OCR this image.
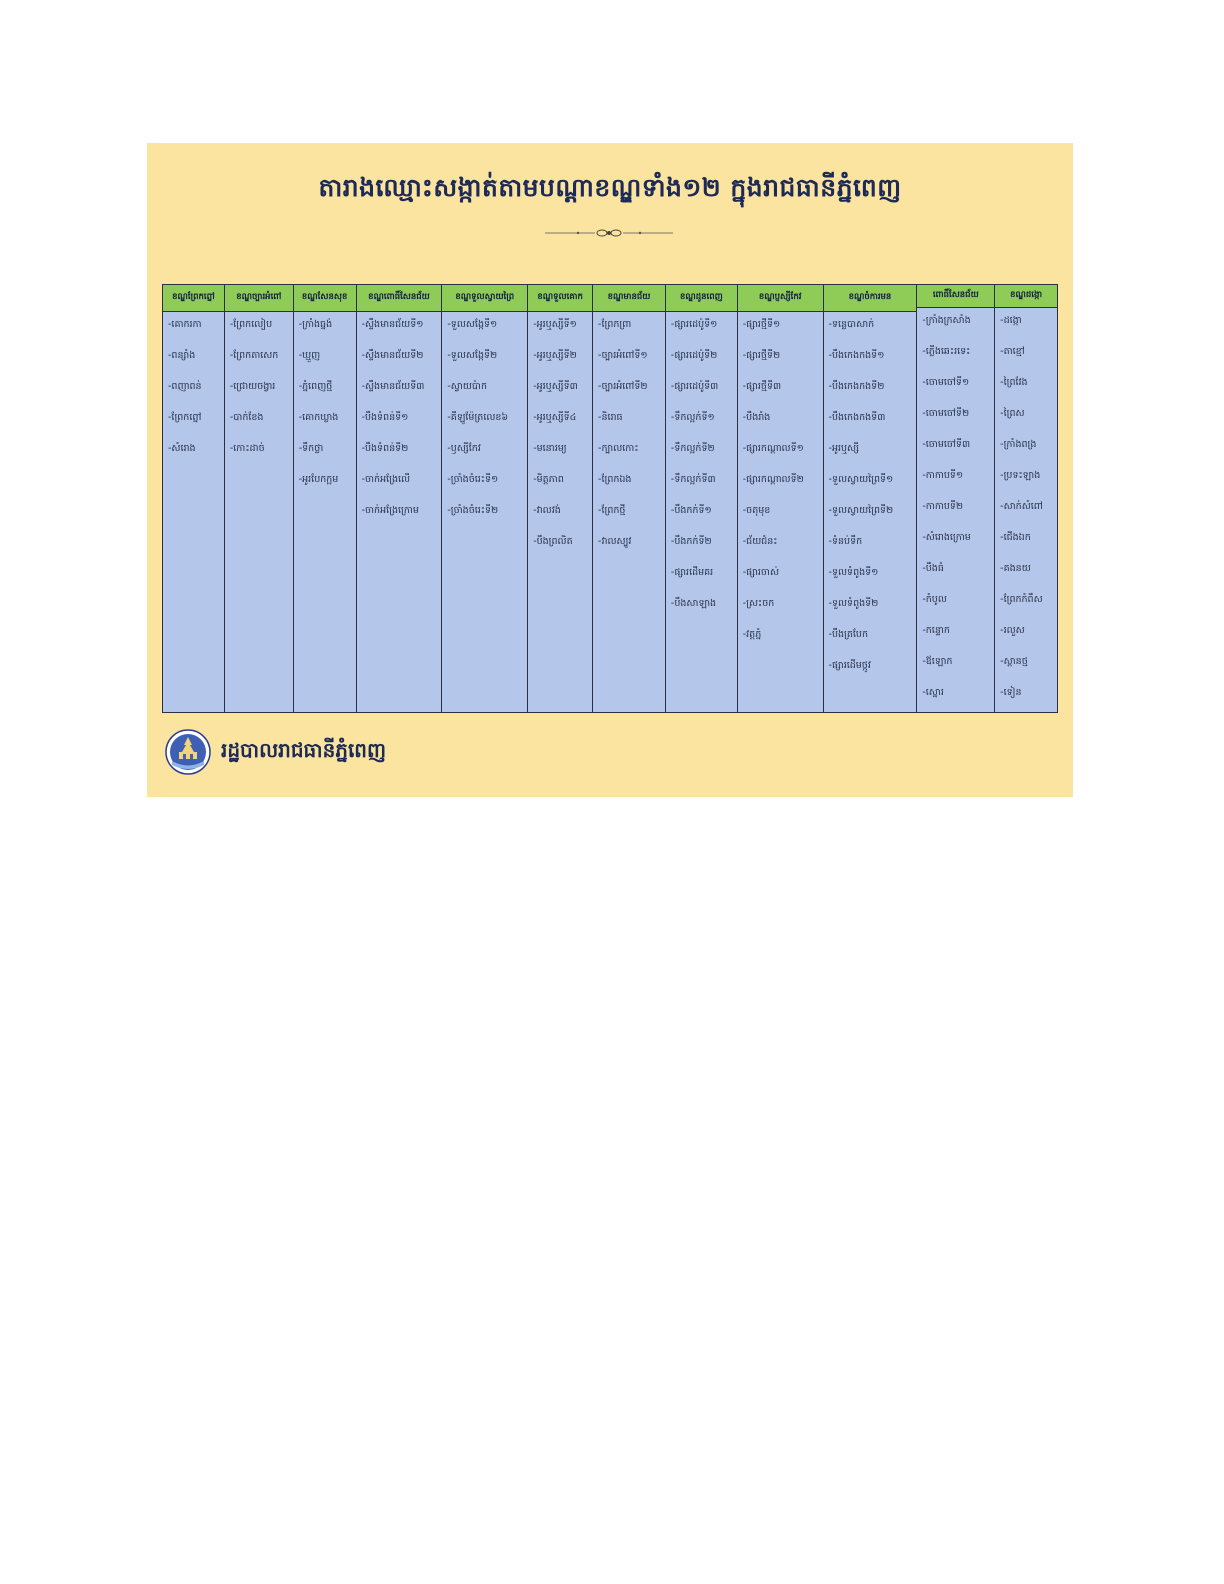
តារាងឈ្មោះសង្កាត់តាមបណ្តាខណ្ឌទាំង១២ ក្នុងរាជធានីភ្នំពេញ
ខណ្ឌព្រែកព្នៅ
-គោករកា
-ពន្សាំង
-ពញាពន់
-ព្រែកព្នៅ
-សំរោង
ខណ្ឌច្បារអំពៅ
-ព្រែកលៀប
-ព្រែកតាសេក
-ជ្រោយចង្វារ
-បាក់ខែង
-កោះដាច់
ខណ្ឌសែនសុខ
-ក្រាំងធ្នង់
-ឃ្មួញ
-ភ្នំពេញថ្មី
-គោកឃ្លាង
-ទឹកថ្លា
-អូរបែកក្អម
ខណ្ឌពោធិ៍សែនជ័យ
-ស្ទឹងមានជ័យទី១
-ស្ទឹងមានជ័យទី២
-ស្ទឹងមានជ័យទី៣
-បឹងទំពន់ទី១
-បឹងទំពន់ទី២
-ចាក់អង្រែលើ
-ចាក់អង្រែក្រោម
ខណ្ឌទួលស្វាយព្រៃ
-ទួលសង្កែទី១
-ទួលសង្កែទី២
-ស្វាយប៉ាក
-គីឡូម៉ែត្រលេខ៦
-ឫស្សីកែវ
-ច្រាំងចំរេះទី១
-ច្រាំងចំរេះទី២
ខណ្ឌទួលគោក
-អូរឬស្សីទី១
-អូរឬស្សីទី២
-អូរឬស្សីទី៣
-អូរឬស្សីទី៤
-មនោរម្យ
-មិត្តភាព
-វាលវង់
-បឹងព្រលិត
ខណ្ឌមានជ័យ
-ព្រែកព្រា
-ច្បារអំពៅទី១
-ច្បារអំពៅទី២
-និរោធ
-ក្បាលកោះ
-ព្រែកឯង
-ព្រែកថ្មី
-វាលស្បូវ
ខណ្ឌដូនពេញ
-ផ្សារដេប៉ូទី១
-ផ្សារដេប៉ូទី២
-ផ្សារដេប៉ូទី៣
-ទឹកល្អក់ទី១
-ទឹកល្អក់ទី២
-ទឹកល្អក់ទី៣
-បឹងកក់ទី១
-បឹងកក់ទី២
-ផ្សារដើមគរ
-បឹងសាឡាង
ខណ្ឌប្ញស្សីកែវ
-ផ្សារថ្មីទី១
-ផ្សារថ្មីទី២
-ផ្សារថ្មីទី៣
-បឹងរាំង
-ផ្សារកណ្តាលទី១
-ផ្សារកណ្តាលទី២
-ចតុមុខ
-ជ័យជំនះ
-ផ្សារចាស់
-ស្រះចក
-វត្តភ្នំ
ខណ្ឌចំការមន
-ទន្លេបាសាក់
-បឹងកេងកងទី១
-បឹងកេងកងទី២
-បឹងកេងកងទី៣
-អូរឬស្សី
-ទួលស្វាយព្រៃទី១
-ទួលស្វាយព្រៃទី២
-ទំនប់ទឹក
-ទួលទំពូងទី១
-ទួលទំពូងទី២
-បឹងត្របែក
-ផ្សារដើមថ្កូវ
ពោធិ៍សែនជ័យ
-ក្រាំងក្រសាំង
-ភ្លើងឆេះរទេះ
-ចោមចៅទី១
-ចោមចៅទី២
-ចោមចៅទី៣
-កាកាបទី១
-កាកាបទី២
-សំរោងក្រោម
-បឹងធំ
-កំបូល
-កន្ទោក
-ឪឡោក
-ស្នោរ
ខណ្ឌដង្កោ
-ដង្កោ
-តាខ្មៅ
-ព្រៃវែង
-ព្រៃស
-ក្រាំងពង្រ
-ប្រទះឡាង
-សាក់សំពៅ
-ជើងឯក
-គងនយ
-ព្រែកកំពឹស
-រលួស
-ស្ពានថ្ម
-ទៀន
រដ្ឋបាលរាជធានីភ្នំពេញ
